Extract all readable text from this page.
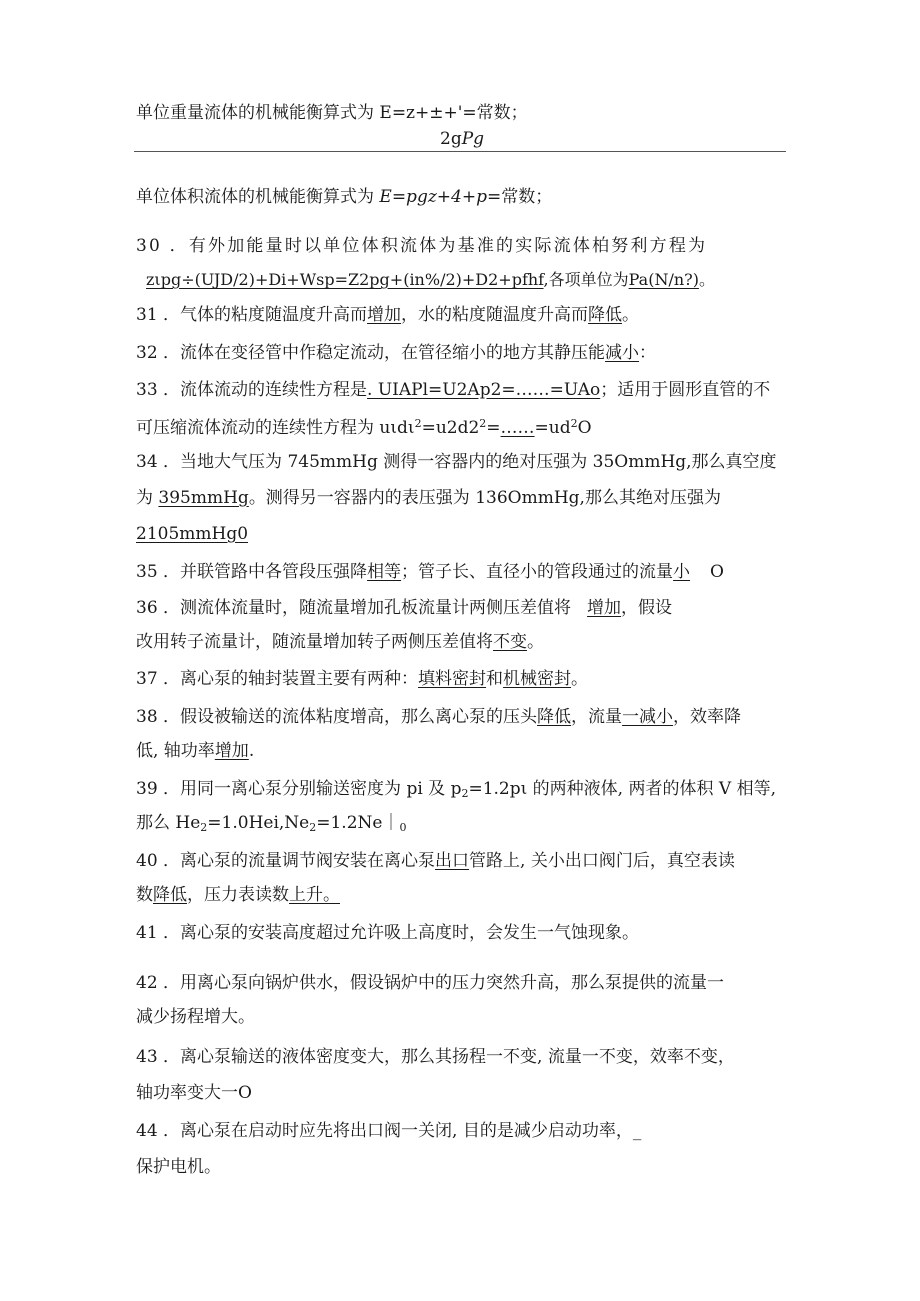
单位重量流体的机械能衡算式为 E=z+±+'=常数；
2gPg
单位体积流体的机械能衡算式为 E=pgz+4+p=常数；
30 ．有外加能量时以单位体积流体为基准的实际流体柏努利方程为
zιpg÷(UJD/2)+Di+Wsp=Z2pg+(in%/2)+D2+pfhf,各项单位为Pa(N/n?)。
31 ．气体的粘度随温度升高而增加，水的粘度随温度升高而降低。
32 ．流体在变径管中作稳定流动，在管径缩小的地方其静压能减小：
33 ．流体流动的连续性方程是. UIAPl=U2Ap2=……=UAo；适用于圆形直管的不
可压缩流体流动的连续性方程为 $u\iota d\iota^2=u2d2^2=\dots\dots=ud^2O$
34 ．当地大气压为 745mmHg 测得一容器内的绝对压强为 35OmmHg,那么真空度
为 395mmHg。测得另一容器内的表压强为 136OmmHg,那么其绝对压强为
2105mmHg0
35 ．并联管路中各管段压强降相等；管子长、直径小的管段通过的流量小 O
36 ．测流体流量时，随流量增加孔板流量计两侧压差值将 增加，假设
改用转子流量计，随流量增加转子两侧压差值将不变。
37 ．离心泵的轴封装置主要有两种：填料密封和机械密封。
38 ．假设被输送的流体粘度增高，那么离心泵的压头降低，流量一减小，效率降
低, 轴功率增加.
39 ．用同一离心泵分别输送密度为 pi 及 $p_2=1.2p\iota$ 的两种液体, 两者的体积 V 相等,
那么 $He_2=1.0Hei,Ne_2=1.2Ne|_0$
40 ．离心泵的流量调节阀安装在离心泵出口管路上, 关小出口阀门后，真空表读
数降低，压力表读数上升。
41 ．离心泵的安装高度超过允许吸上高度时，会发生一气蚀现象。
42 ．用离心泵向锅炉供水，假设锅炉中的压力突然升高，那么泵提供的流量一
减少扬程增大。
43 ．离心泵输送的液体密度变大，那么其扬程一不变, 流量一不变，效率不变，
轴功率变大一O
44 ．离心泵在启动时应先将出口阀一关闭, 目的是减少启动功率，_
保护电机。
